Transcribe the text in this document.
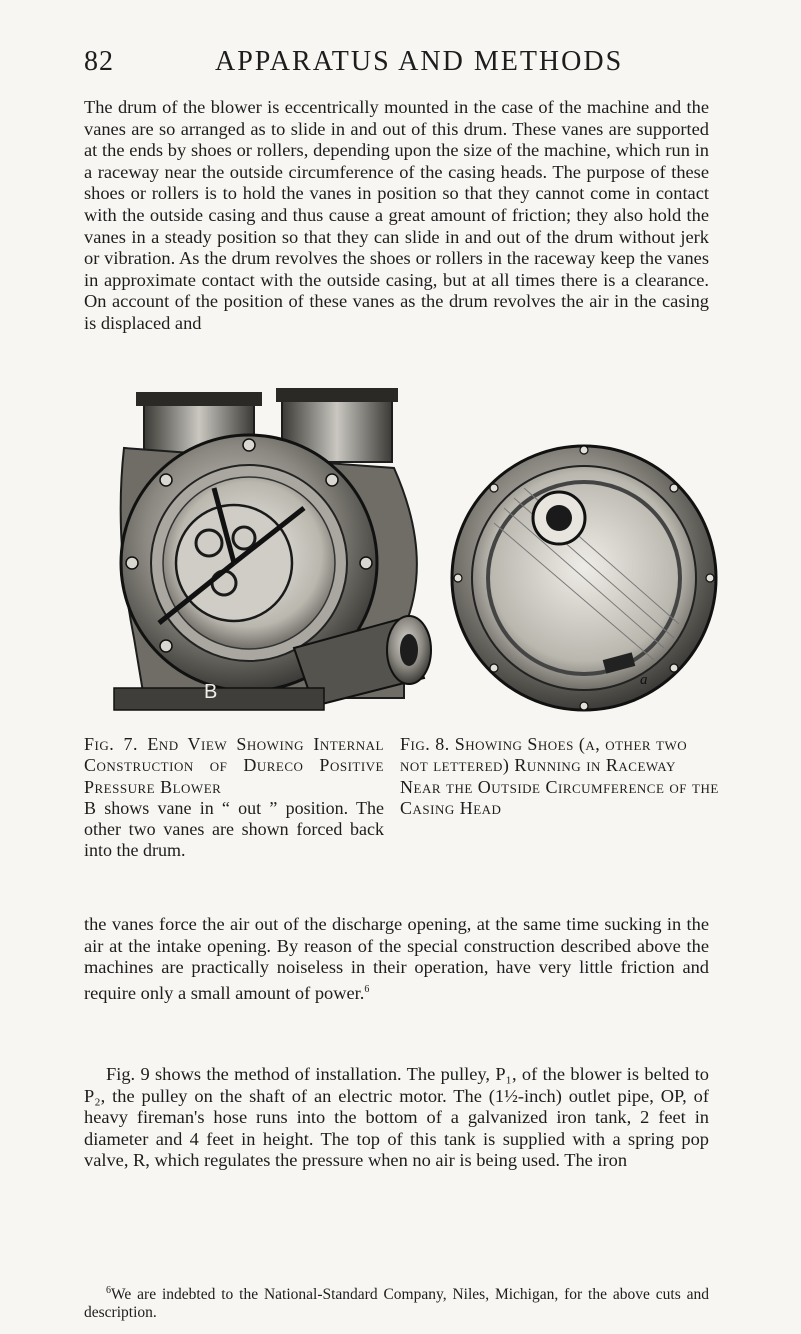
82	APPARATUS AND METHODS

The drum of the blower is eccentrically mounted in the case of the machine and the vanes are so arranged as to slide in and out of this drum. These vanes are supported at the ends by shoes or rollers, depending upon the size of the machine, which run in a raceway near the outside circumference of the casing heads. The purpose of these shoes or rollers is to hold the vanes in position so that they cannot come in contact with the outside casing and thus cause a great amount of friction; they also hold the vanes in a steady position so that they can slide in and out of the drum without jerk or vibration. As the drum revolves the shoes or rollers in the raceway keep the vanes in approximate contact with the outside casing, but at all times there is a clearance. On account of the position of these vanes as the drum revolves the air in the casing is displaced and

B
a
Fig. 7. End View Showing Internal Construction of Dureco Positive Pressure Blower
B shows vane in “ out ” position. The other two vanes are shown forced back into the drum.
Fig. 8. Showing Shoes (a, other two not lettered) Running in Raceway Near the Outside Circumference of the Casing Head

the vanes force the air out of the discharge opening, at the same time sucking in the air at the intake opening. By reason of the special construction described above the machines are practically noiseless in their operation, have very little friction and require only a small amount of power.$^6$

Fig. 9 shows the method of installation. The pulley, P₁, of the blower is belted to P₂, the pulley on the shaft of an electric motor. The (1½-inch) outlet pipe, OP, of heavy fireman's hose runs into the bottom of a galvanized iron tank, 2 feet in diameter and 4 feet in height. The top of this tank is supplied with a spring pop valve, R, which regulates the pressure when no air is being used. The iron

$^6$We are indebted to the National-Standard Company, Niles, Michigan, for the above cuts and description.
